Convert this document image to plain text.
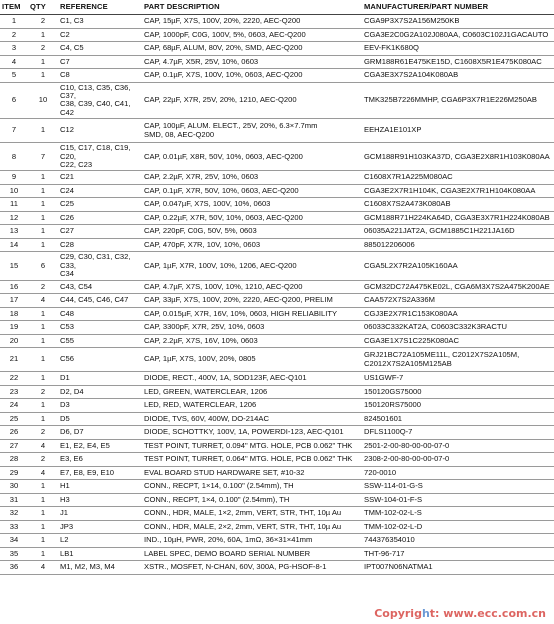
ITEM	QTY	REFERENCE	PART DESCRIPTION	MANUFACTURER/PART NUMBER
1	2	C1, C3	CAP, 15µF, X7S, 100V, 20%, 2220, AEC-Q200	CGA9P3X7S2A156M250KB
2	1	C2	CAP, 1000pF, C0G, 100V, 5%, 0603, AEC-Q200	CGA3E2C0G2A102J080AA, C0603C102J1GACAUTO
3	2	C4, C5	CAP, 68µF, ALUM, 80V, 20%, SMD, AEC-Q200	EEV-FK1K680Q
4	1	C7	CAP, 4.7µF, X5R, 25V, 10%, 0603	GRM188R61E475KE15D, C1608X5R1E475K080AC
5	1	C8	CAP, 0.1µF, X7S, 100V, 10%, 0603, AEC-Q200	CGA3E3X7S2A104K080AB
6	10	C10, C13, C35, C36, C37,
C38, C39, C40, C41, C42	CAP, 22µF, X7R, 25V, 20%, 1210, AEC-Q200	TMK325B7226MMHP, CGA6P3X7R1E226M250AB
7	1	C12	CAP, 100µF, ALUM. ELECT., 25V, 20%, 6.3×7.7mm
SMD, 08, AEC-Q200	EEHZA1E101XP
8	7	C15, C17, C18, C19, C20,
C22, C23	CAP, 0.01µF, X8R, 50V, 10%, 0603, AEC-Q200	GCM188R91H103KA37D, CGA3E2X8R1H103K080AA
9	1	C21	CAP, 2.2µF, X7R, 25V, 10%, 0603	C1608X7R1A225M080AC
10	1	C24	CAP, 0.1µF, X7R, 50V, 10%, 0603, AEC-Q200	CGA3E2X7R1H104K, CGA3E2X7R1H104K080AA
11	1	C25	CAP, 0.047µF, X7S, 100V, 10%, 0603	C1608X7S2A473K080AB
12	1	C26	CAP, 0.22µF, X7R, 50V, 10%, 0603, AEC-Q200	GCM188R71H224KA64D, CGA3E3X7R1H224K080AB
13	1	C27	CAP, 220pF, C0G, 50V, 5%, 0603	06035A221JAT2A, GCM1885C1H221JA16D
14	1	C28	CAP, 470pF, X7R, 10V, 10%, 0603	885012206006
15	6	C29, C30, C31, C32, C33,
C34	CAP, 1µF, X7R, 100V, 10%, 1206, AEC-Q200	CGA5L2X7R2A105K160AA
16	2	C43, C54	CAP, 4.7µF, X7S, 100V, 10%, 1210, AEC-Q200	GCM32DC72A475KE02L, CGA6M3X7S2A475K200AE
17	4	C44, C45, C46, C47	CAP, 33µF, X7S, 100V, 20%, 2220, AEC-Q200, PRELIM	CAA572X7S2A336M
18	1	C48	CAP, 0.015µF, X7R, 16V, 10%, 0603, HIGH RELIABILITY	CGJ3E2X7R1C153K080AA
19	1	C53	CAP, 3300pF, X7R, 25V, 10%, 0603	06033C332KAT2A, C0603C332K3RACTU
20	1	C55	CAP, 2.2µF, X7S, 16V, 10%, 0603	CGA3E1X7S1C225K080AC
21	1	C56	CAP, 1µF, X7S, 100V, 20%, 0805	GRJ21BC72A105ME11L, C2012X7S2A105M,
C2012X7S2A105M125AB
22	1	D1	DIODE, RECT., 400V, 1A, SOD123F, AEC-Q101	US1GWF-7
23	2	D2, D4	LED, GREEN, WATERCLEAR, 1206	150120GS75000
24	1	D3	LED, RED, WATERCLEAR, 1206	150120RS75000
25	1	D5	DIODE, TVS, 60V, 400W, DO-214AC	824501601
26	2	D6, D7	DIODE, SCHOTTKY, 100V, 1A, POWERDI-123, AEC-Q101	DFLS1100Q-7
27	4	E1, E2, E4, E5	TEST POINT, TURRET, 0.094" MTG. HOLE, PCB 0.062" THK	2501-2-00-80-00-00-07-0
28	2	E3, E6	TEST POINT, TURRET, 0.064" MTG. HOLE, PCB 0.062" THK	2308-2-00-80-00-00-07-0
29	4	E7, E8, E9, E10	EVAL BOARD STUD HARDWARE SET, #10-32	720-0010
30	1	H1	CONN., RECPT, 1×14, 0.100" (2.54mm), TH	SSW-114-01-G-S
31	1	H3	CONN., RECPT, 1×4, 0.100" (2.54mm), TH	SSW-104-01-F-S
32	1	J1	CONN., HDR, MALE, 1×2, 2mm, VERT, STR, THT, 10µ Au	TMM-102-02-L-S
33	1	JP3	CONN., HDR, MALE, 2×2, 2mm, VERT, STR, THT, 10µ Au	TMM-102-02-L-D
34	1	L2	IND., 10µH, PWR, 20%, 60A, 1mΩ, 36×31×41mm	744376354010
35	1	LB1	LABEL SPEC, DEMO BOARD SERIAL NUMBER	THT-96-717
36	4	M1, M2, M3, M4	XSTR., MOSFET, N-CHAN, 60V, 300A, PG-HSOF-8-1	IPT007N06NATMA1
Copyright: www.ecc.com.cn
